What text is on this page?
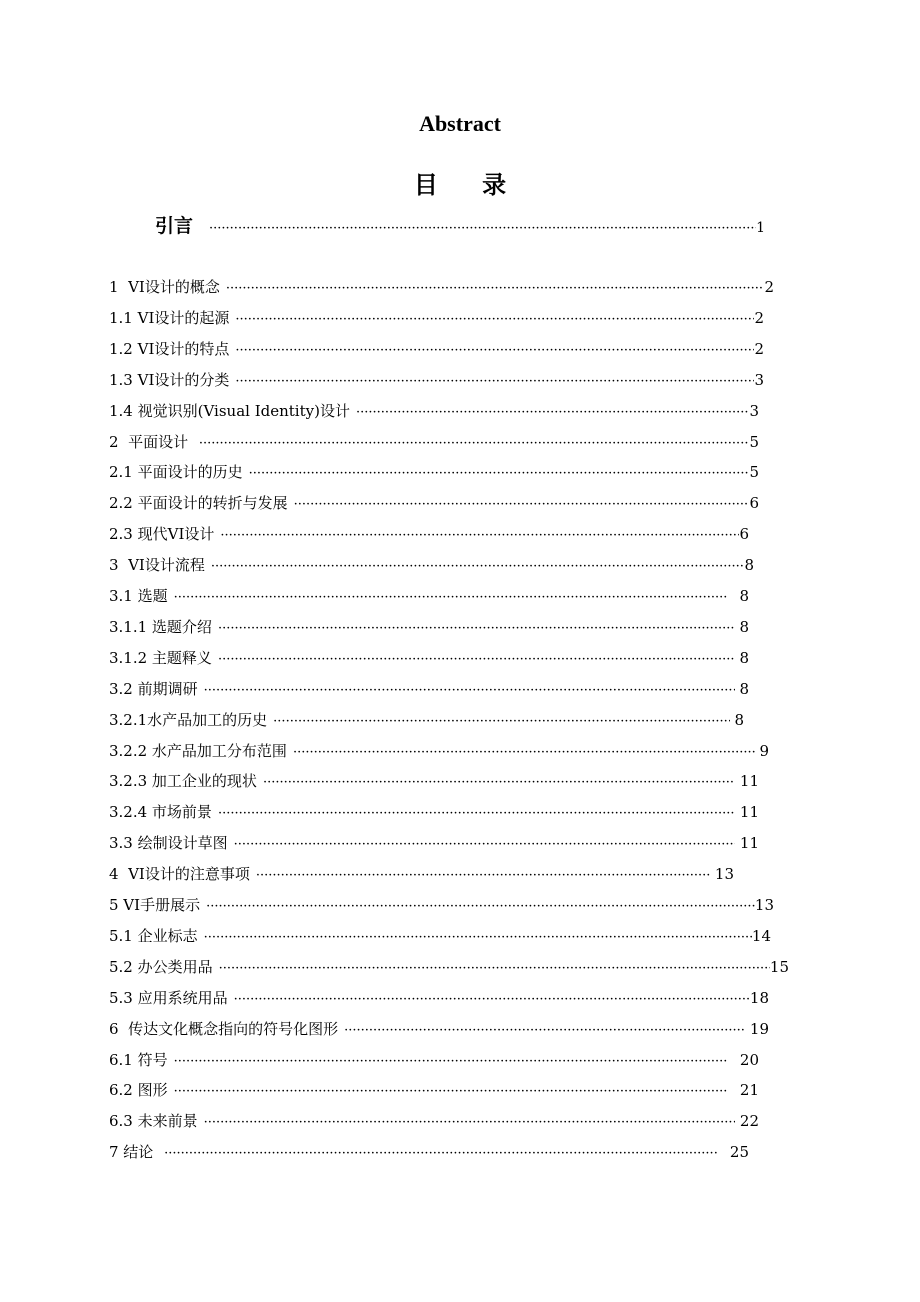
Abstract
目 录
引言 ·····	1
1  VI设计的概念 ·····	2
1.1 VI设计的起源 ·····	2
1.2 VI设计的特点 ·····	2
1.3 VI设计的分类 ·····	3
1.4 视觉识别(Visual Identity)设计 ·····	3
2  平面设计 ·····	5
2.1 平面设计的历史 ·····	5
2.2 平面设计的转折与发展 ·····	6
2.3 现代VI设计 ·····	6
3  VI设计流程 ·····	8
3.1 选题 ·····	8
3.1.1 选题介绍 ·····	8
3.1.2 主题释义 ·····	8
3.2 前期调研 ·····	8
3.2.1水产品加工的历史 ·····	8
3.2.2 水产品加工分布范围 ·····	9
3.2.3 加工企业的现状 ·····	11
3.2.4 市场前景 ·····	11
3.3 绘制设计草图 ·····	11
4  VI设计的注意事项 ·····	13
5 VI手册展示 ·····	13
5.1 企业标志 ·····	14
5.2 办公类用品 ·····	15
5.3 应用系统用品 ·····	18
6  传达文化概念指向的符号化图形 ·····	19
6.1 符号 ·····	20
6.2 图形 ·····	21
6.3 未来前景 ·····	22
7 结论 ·····	25
